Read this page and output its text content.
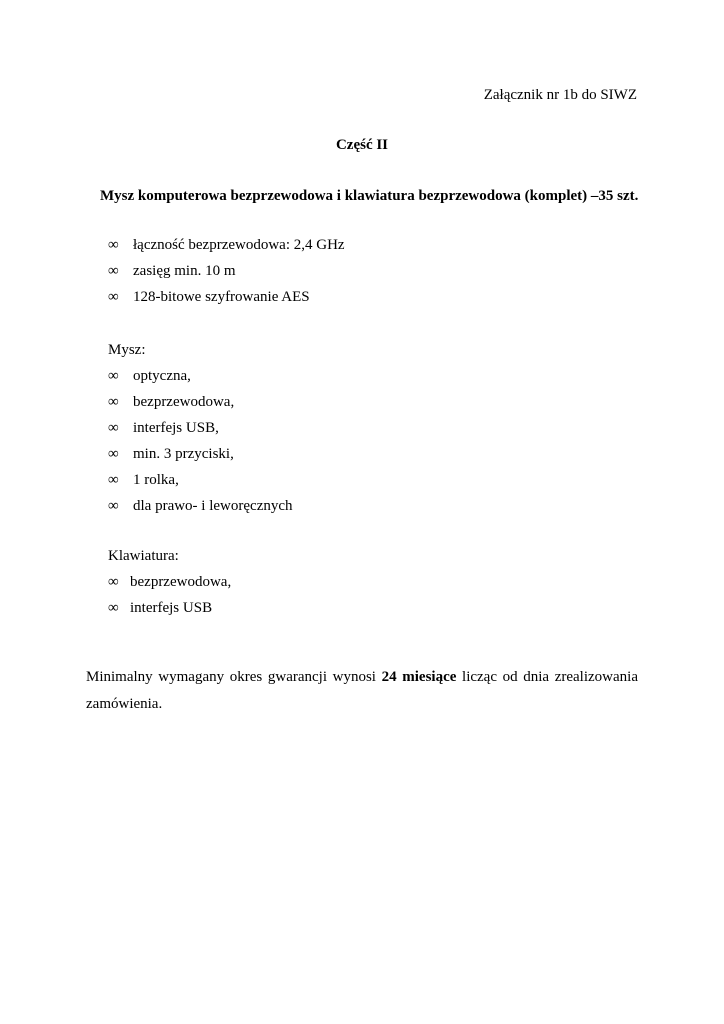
Załącznik nr 1b do SIWZ
Część II
Mysz komputerowa bezprzewodowa i klawiatura bezprzewodowa (komplet) –35 szt.
∞ łączność bezprzewodowa: 2,4 GHz
∞ zasięg min. 10 m
∞ 128-bitowe szyfrowanie AES
Mysz:
∞ optyczna,
∞ bezprzewodowa,
∞ interfejs USB,
∞ min. 3 przyciski,
∞ 1 rolka,
∞ dla prawo- i leworęcznych
Klawiatura:
∞ bezprzewodowa,
∞ interfejs USB

Minimalny wymagany okres gwarancji wynosi 24 miesiące licząc od dnia zrealizowania zamówienia.
